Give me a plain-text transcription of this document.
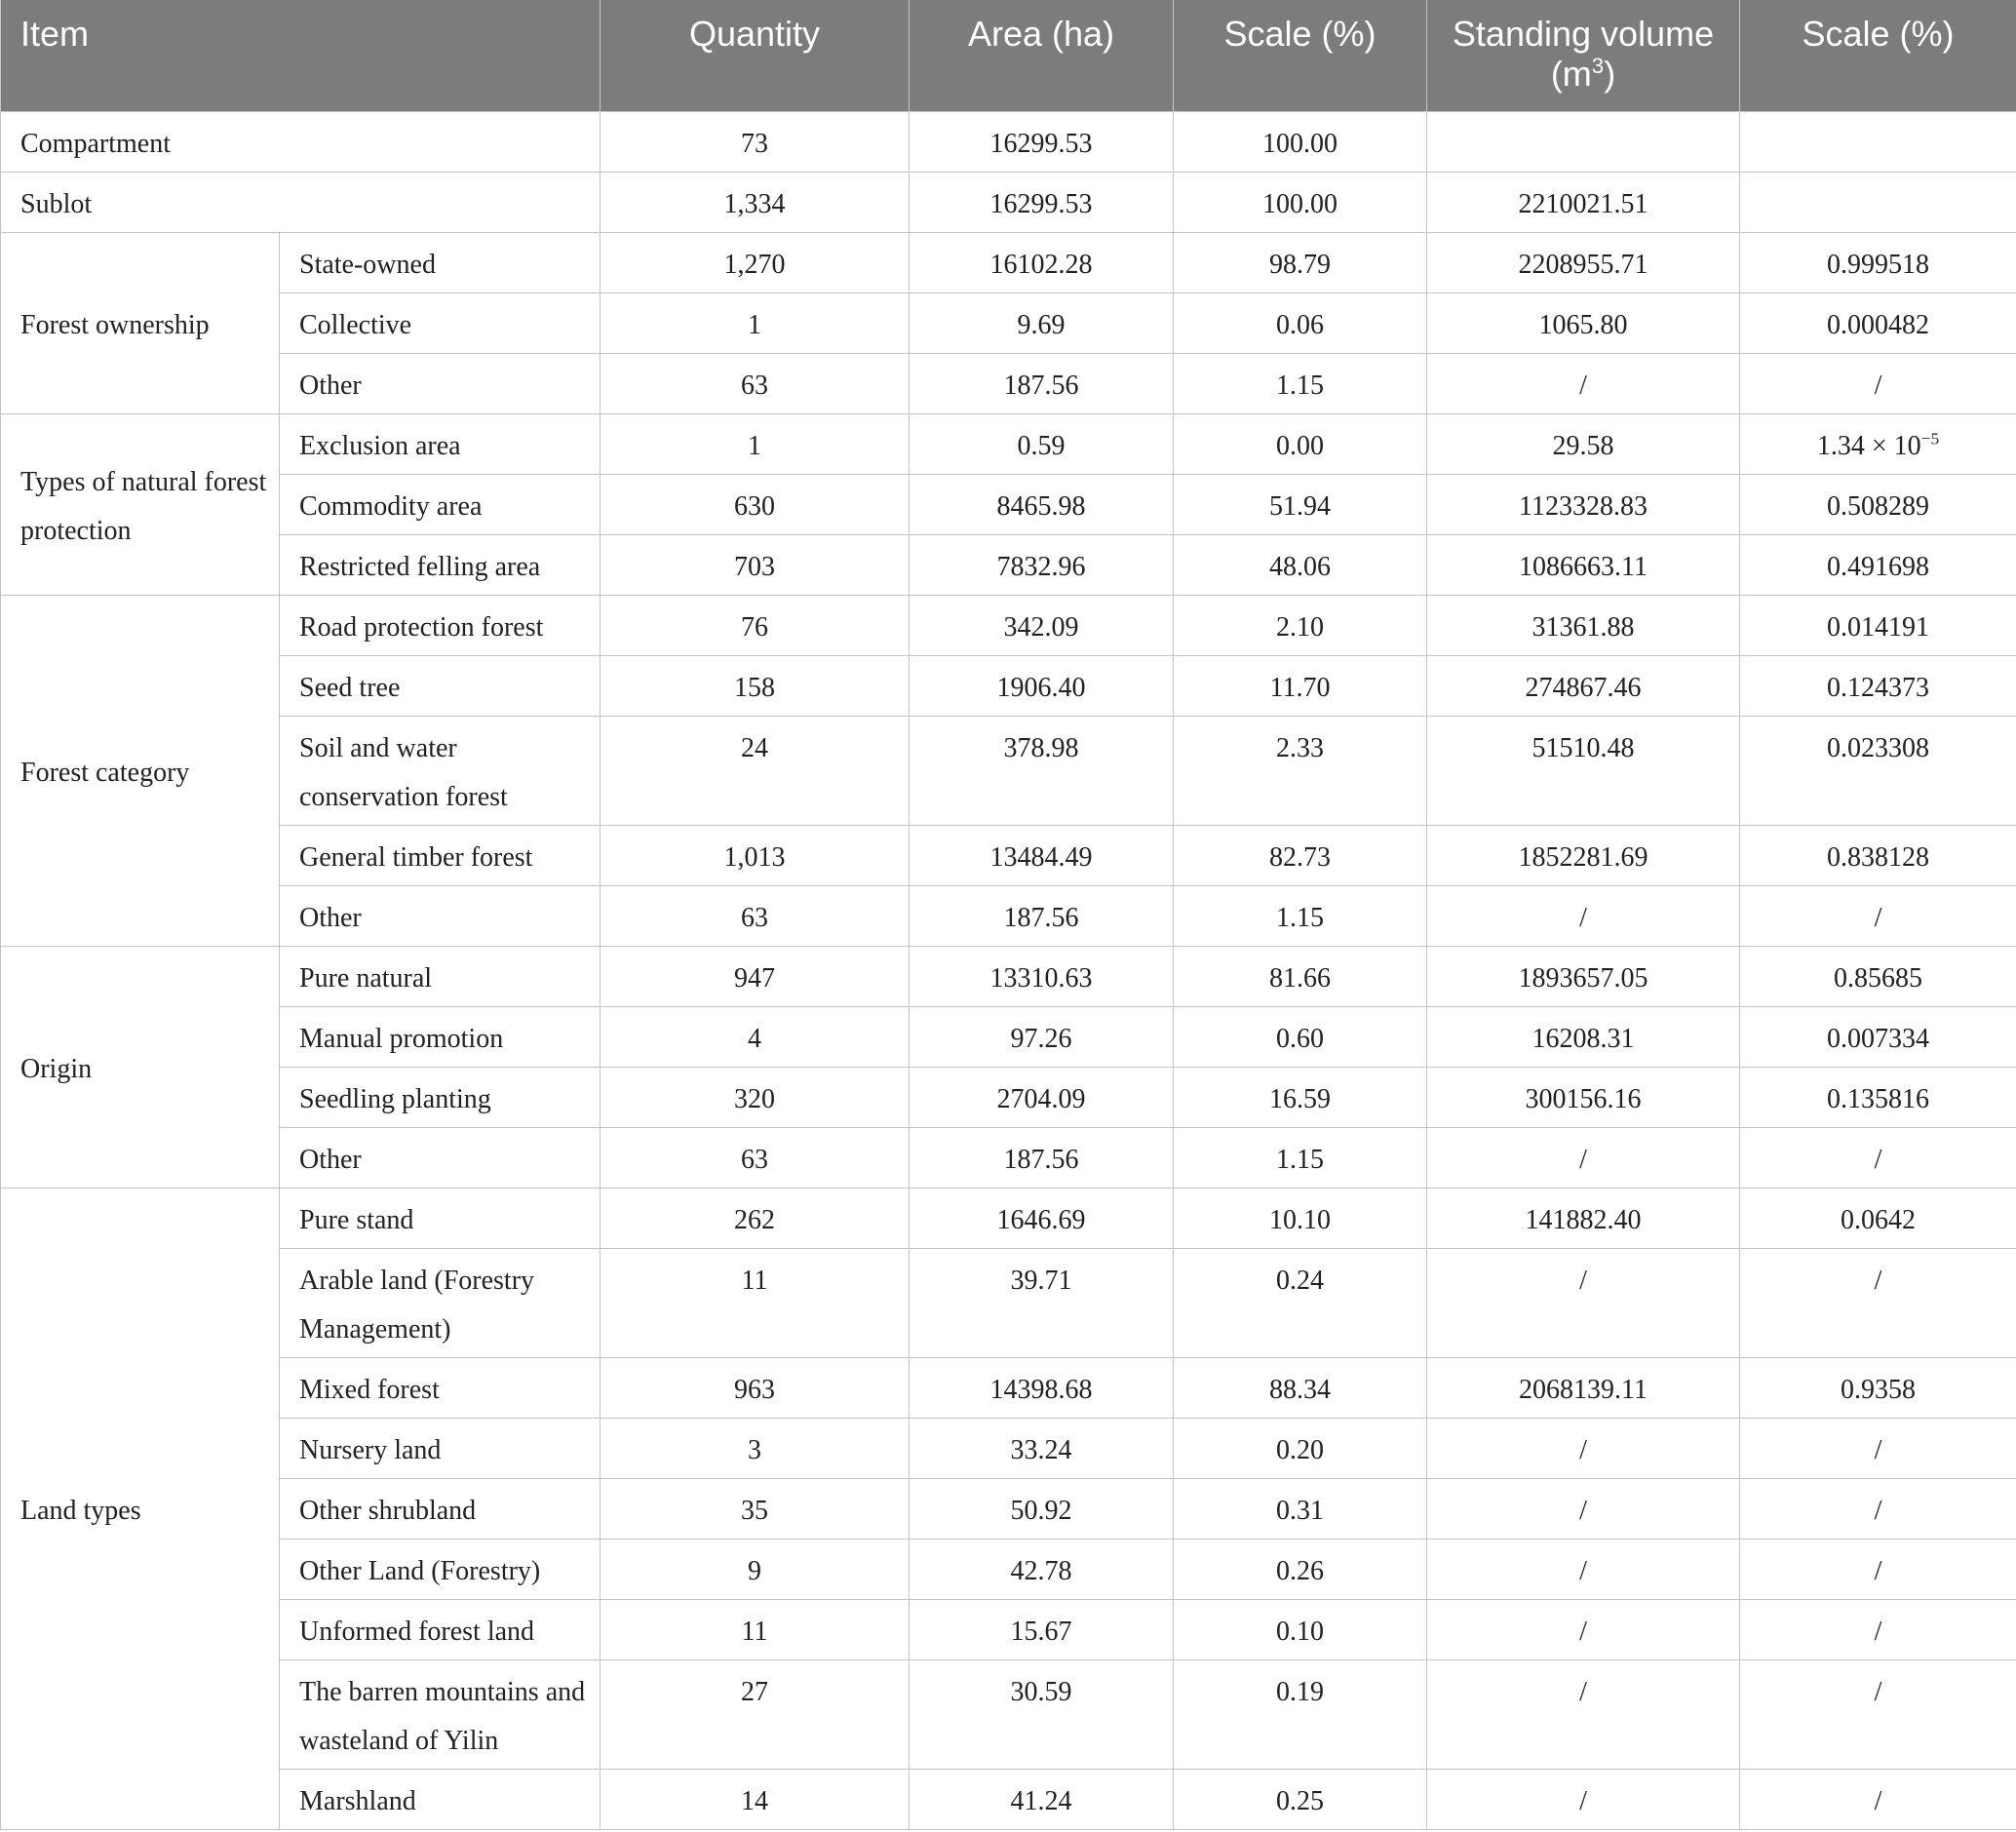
Item		Quantity	Area (ha)	Scale (%)	Standing volume $(m^3)$	Scale (%)
Compartment		73	16299.53	100.00		
Sublot		1,334	16299.53	100.00	2210021.51	
Forest ownership	State-owned	1,270	16102.28	98.79	2208955.71	0.999518
	Collective	1	9.69	0.06	1065.80	0.000482
	Other	63	187.56	1.15	/	/
Types of natural forest protection	Exclusion area	1	0.59	0.00	29.58	$1.34 \times 10^{-5}$
	Commodity area	630	8465.98	51.94	1123328.83	0.508289
	Restricted felling area	703	7832.96	48.06	1086663.11	0.491698
Forest category	Road protection forest	76	342.09	2.10	31361.88	0.014191
	Seed tree	158	1906.40	11.70	274867.46	0.124373
	Soil and water conservation forest	24	378.98	2.33	51510.48	0.023308
	General timber forest	1,013	13484.49	82.73	1852281.69	0.838128
	Other	63	187.56	1.15	/	/
Origin	Pure natural	947	13310.63	81.66	1893657.05	0.85685
	Manual promotion	4	97.26	0.60	16208.31	0.007334
	Seedling planting	320	2704.09	16.59	300156.16	0.135816
	Other	63	187.56	1.15	/	/
Land types	Pure stand	262	1646.69	10.10	141882.40	0.0642
	Arable land (Forestry Management)	11	39.71	0.24	/	/
	Mixed forest	963	14398.68	88.34	2068139.11	0.9358
	Nursery land	3	33.24	0.20	/	/
	Other shrubland	35	50.92	0.31	/	/
	Other Land (Forestry)	9	42.78	0.26	/	/
	Unformed forest land	11	15.67	0.10	/	/
	The barren mountains and wasteland of Yilin	27	30.59	0.19	/	/
	Marshland	14	41.24	0.25	/	/
